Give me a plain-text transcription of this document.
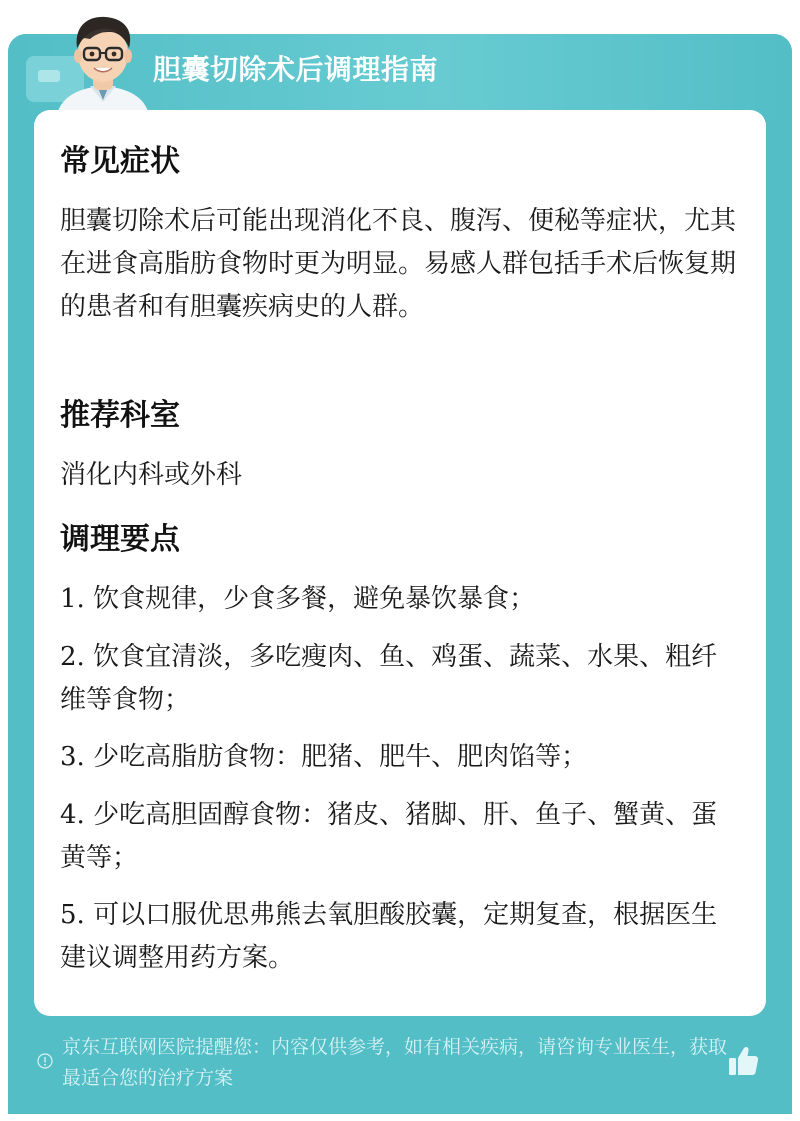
胆囊切除术后调理指南
常见症状
胆囊切除术后可能出现消化不良、腹泻、便秘等症状，尤其在进食高脂肪食物时更为明显。易感人群包括手术后恢复期的患者和有胆囊疾病史的人群。
推荐科室
消化内科或外科
调理要点
1. 饮食规律，少食多餐，避免暴饮暴食；
2. 饮食宜清淡，多吃瘦肉、鱼、鸡蛋、蔬菜、水果、粗纤维等食物；
3. 少吃高脂肪食物：肥猪、肥牛、肥肉馅等；
4. 少吃高胆固醇食物：猪皮、猪脚、肝、鱼子、蟹黄、蛋黄等；
5. 可以口服优思弗熊去氧胆酸胶囊，定期复查，根据医生建议调整用药方案。
京东互联网医院提醒您：内容仅供参考，如有相关疾病，请咨询专业医生，获取最适合您的治疗方案
